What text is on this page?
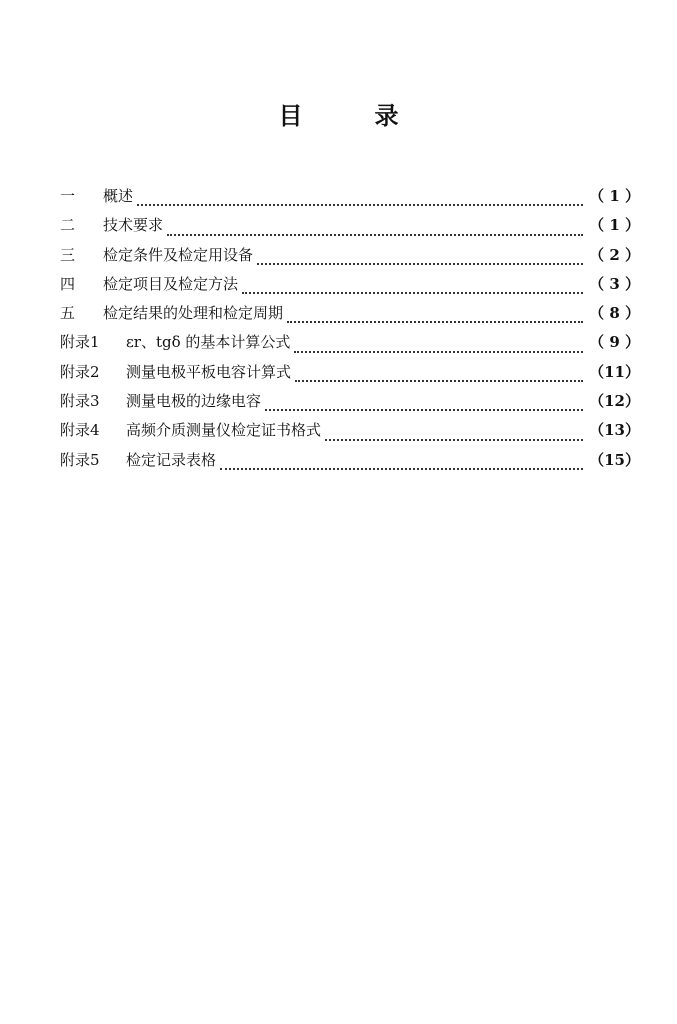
目	录
一	概述	（ 1 ）
二	技术要求	（ 1 ）
三	检定条件及检定用设备	（ 2 ）
四	检定项目及检定方法	（ 3 ）
五	检定结果的处理和检定周期	（ 8 ）
附录1	εr、tgδ 的基本计算公式	（ 9 ）
附录2	测量电极平板电容计算式	（11）
附录3	测量电极的边缘电容	（12）
附录4	高频介质测量仪检定证书格式	（13）
附录5	检定记录表格	（15）
